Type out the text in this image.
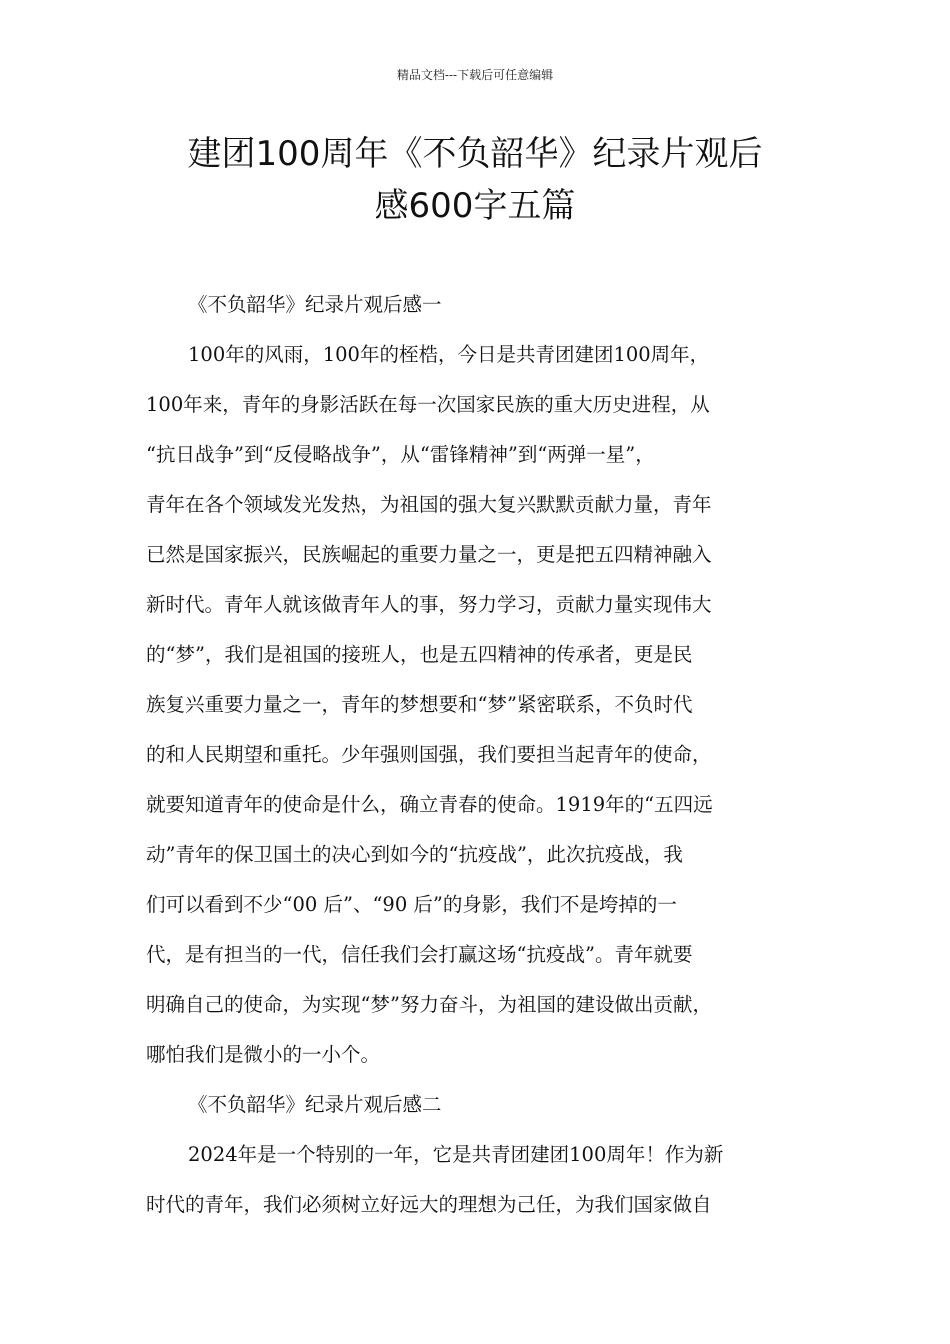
精品文档---下载后可任意编辑
建团100周年《不负韶华》纪录片观后
感600字五篇

《不负韶华》纪录片观后感一

100年的风雨，100年的桎梏，今日是共青团建团100周年，

100年来，青年的身影活跃在每一次国家民族的重大历史进程，从

“抗日战争”到“反侵略战争”，从“雷锋精神”到“两弹一星”，

青年在各个领域发光发热，为祖国的强大复兴默默贡献力量，青年

已然是国家振兴，民族崛起的重要力量之一，更是把五四精神融入

新时代。青年人就该做青年人的事，努力学习，贡献力量实现伟大

的“梦”，我们是祖国的接班人，也是五四精神的传承者，更是民

族复兴重要力量之一，青年的梦想要和“梦”紧密联系，不负时代

的和人民期望和重托。少年强则国强，我们要担当起青年的使命，

就要知道青年的使命是什么，确立青春的使命。1919年的“五四远

动”青年的保卫国土的决心到如今的“抗疫战”，此次抗疫战，我

们可以看到不少“00 后”、“90 后”的身影，我们不是垮掉的一

代，是有担当的一代，信任我们会打赢这场“抗疫战”。青年就要

明确自己的使命，为实现“梦”努力奋斗，为祖国的建设做出贡献，

哪怕我们是微小的一小个。

《不负韶华》纪录片观后感二

2024年是一个特别的一年，它是共青团建团100周年！作为新

时代的青年，我们必须树立好远大的理想为己任，为我们国家做自
